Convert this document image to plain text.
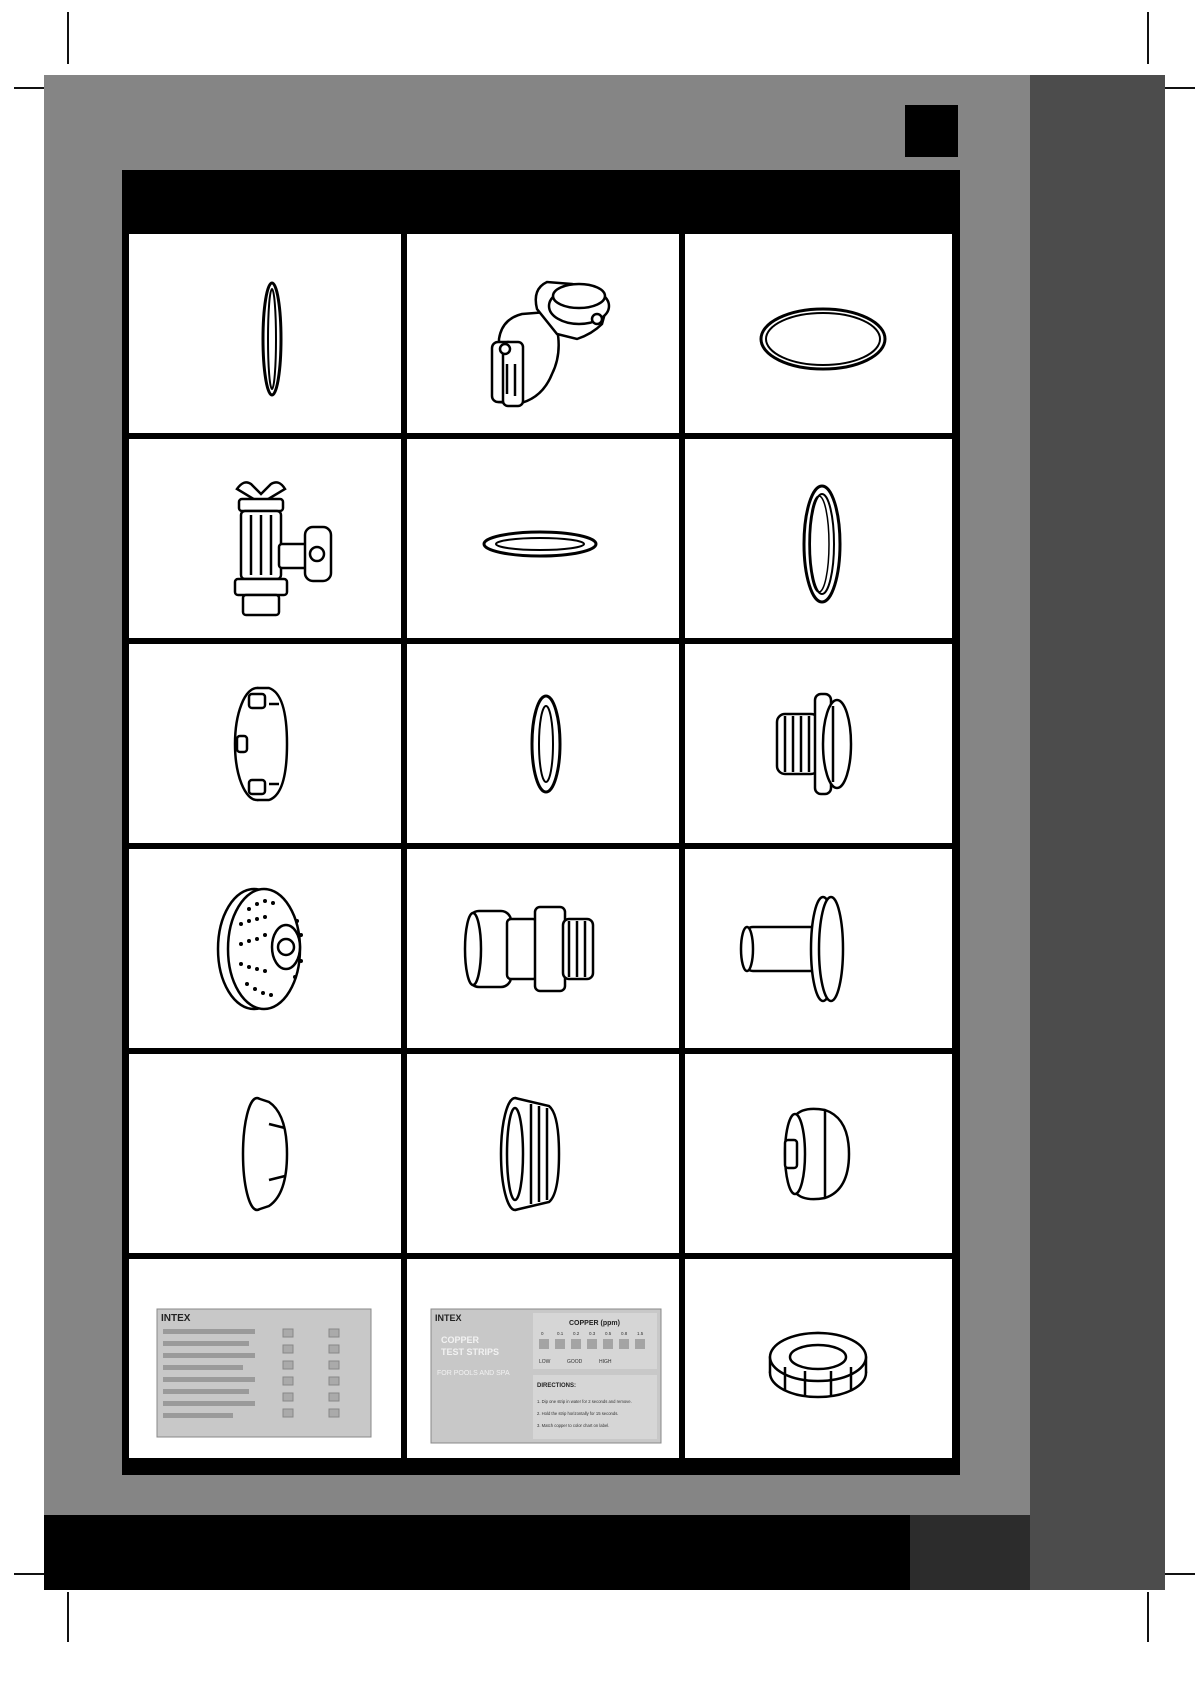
INTEX	INTEX
COPPER
TEST STRIPS
FOR POOLS AND SPA
COPPER (ppm)
0	0.1 0.2 0.3 0.5 0.8 1.5
LOW	GOOD	HIGH
DIRECTIONS:
1. Dip one strip in water for 2 seconds and remove.
2. Hold the strip horizontally for 15 seconds.
3. Match copper to color chart on label.
